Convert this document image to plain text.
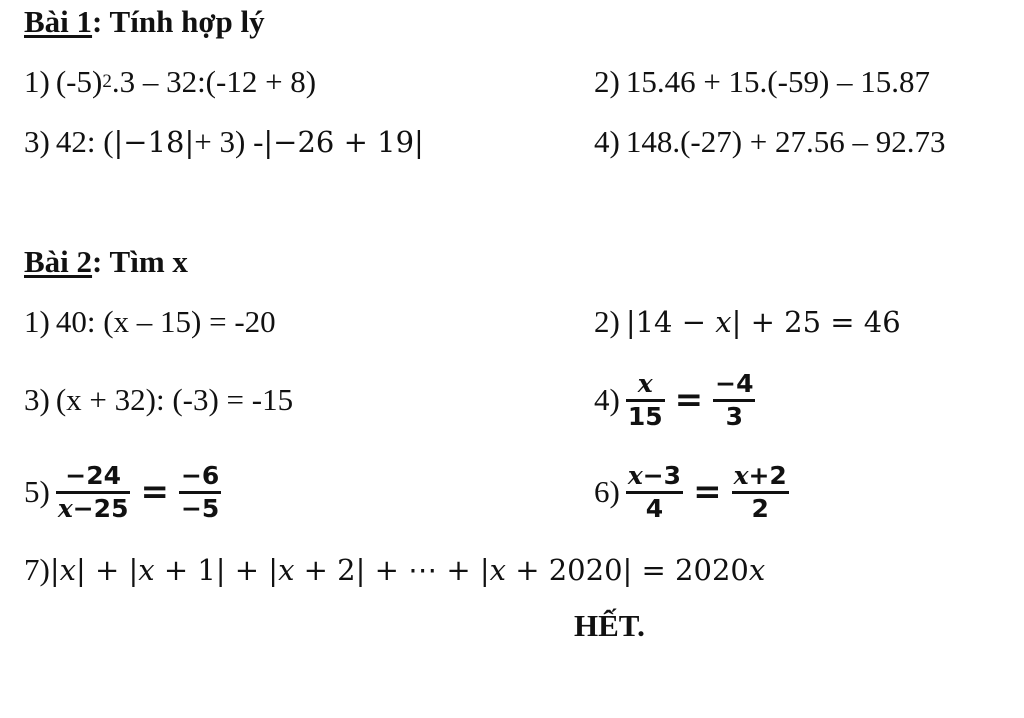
Bài 1: Tính hợp lý
1) (-5) 2 .3 – 32:(-12 + 8)	2) 15.46 + 15.(-59) – 15.87
3) 42: ( |−18| + 3) - |−26 + 19|	4) 148.(-27) + 27.56 – 92.73
Bài 2: Tìm x
1) 40: (x – 15) = -20	2) |14 − x| + 25 = 46
3) (x + 32): (-3) = -15	$4) \frac{x}{15} = \frac{-4}{3}$
$5) \frac{-24}{x-25} = \frac{-6}{-5}$	$6) \frac{x-3}{4} = \frac{x+2}{2}$
7) |x| + |x + 1| + |x + 2| + ⋯ + |x + 2020| = 2020x
HẾT.
